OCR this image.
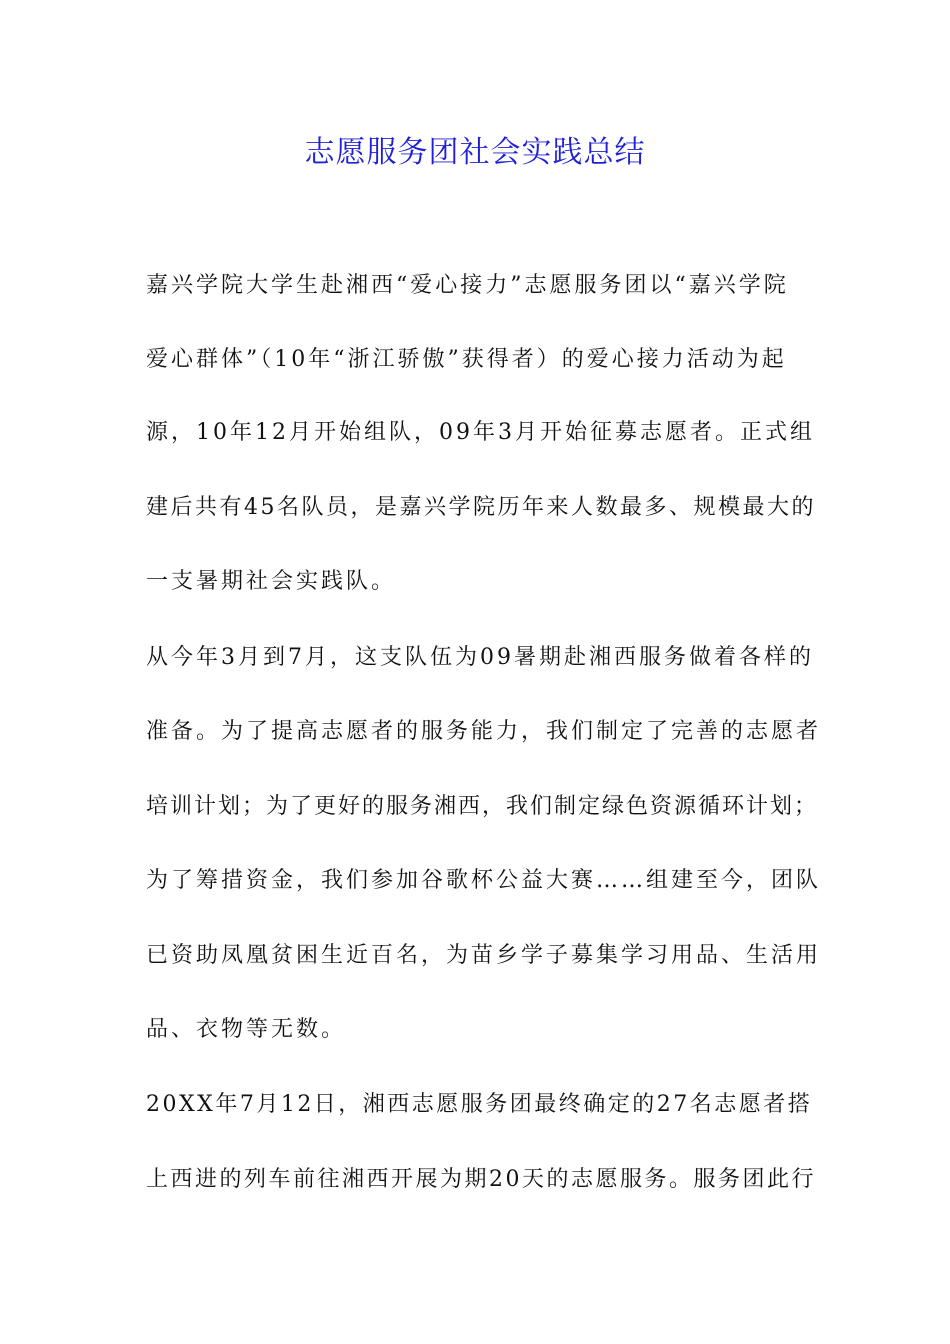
志愿服务团社会实践总结
嘉兴学院大学生赴湘西“爱心接力”志愿服务团以“嘉兴学院
爱心群体”（10年“浙江骄傲”获得者）的爱心接力活动为起
源，10年12月开始组队，09年3月开始征募志愿者。正式组
建后共有45名队员，是嘉兴学院历年来人数最多、规模最大的
一支暑期社会实践队。
从今年3月到7月，这支队伍为09暑期赴湘西服务做着各样的
准备。为了提高志愿者的服务能力，我们制定了完善的志愿者
培训计划；为了更好的服务湘西，我们制定绿色资源循环计划；
为了筹措资金，我们参加谷歌杯公益大赛……组建至今，团队
已资助凤凰贫困生近百名，为苗乡学子募集学习用品、生活用
品、衣物等无数。
20XX年7月12日，湘西志愿服务团最终确定的27名志愿者搭
上西进的列车前往湘西开展为期20天的志愿服务。服务团此行
